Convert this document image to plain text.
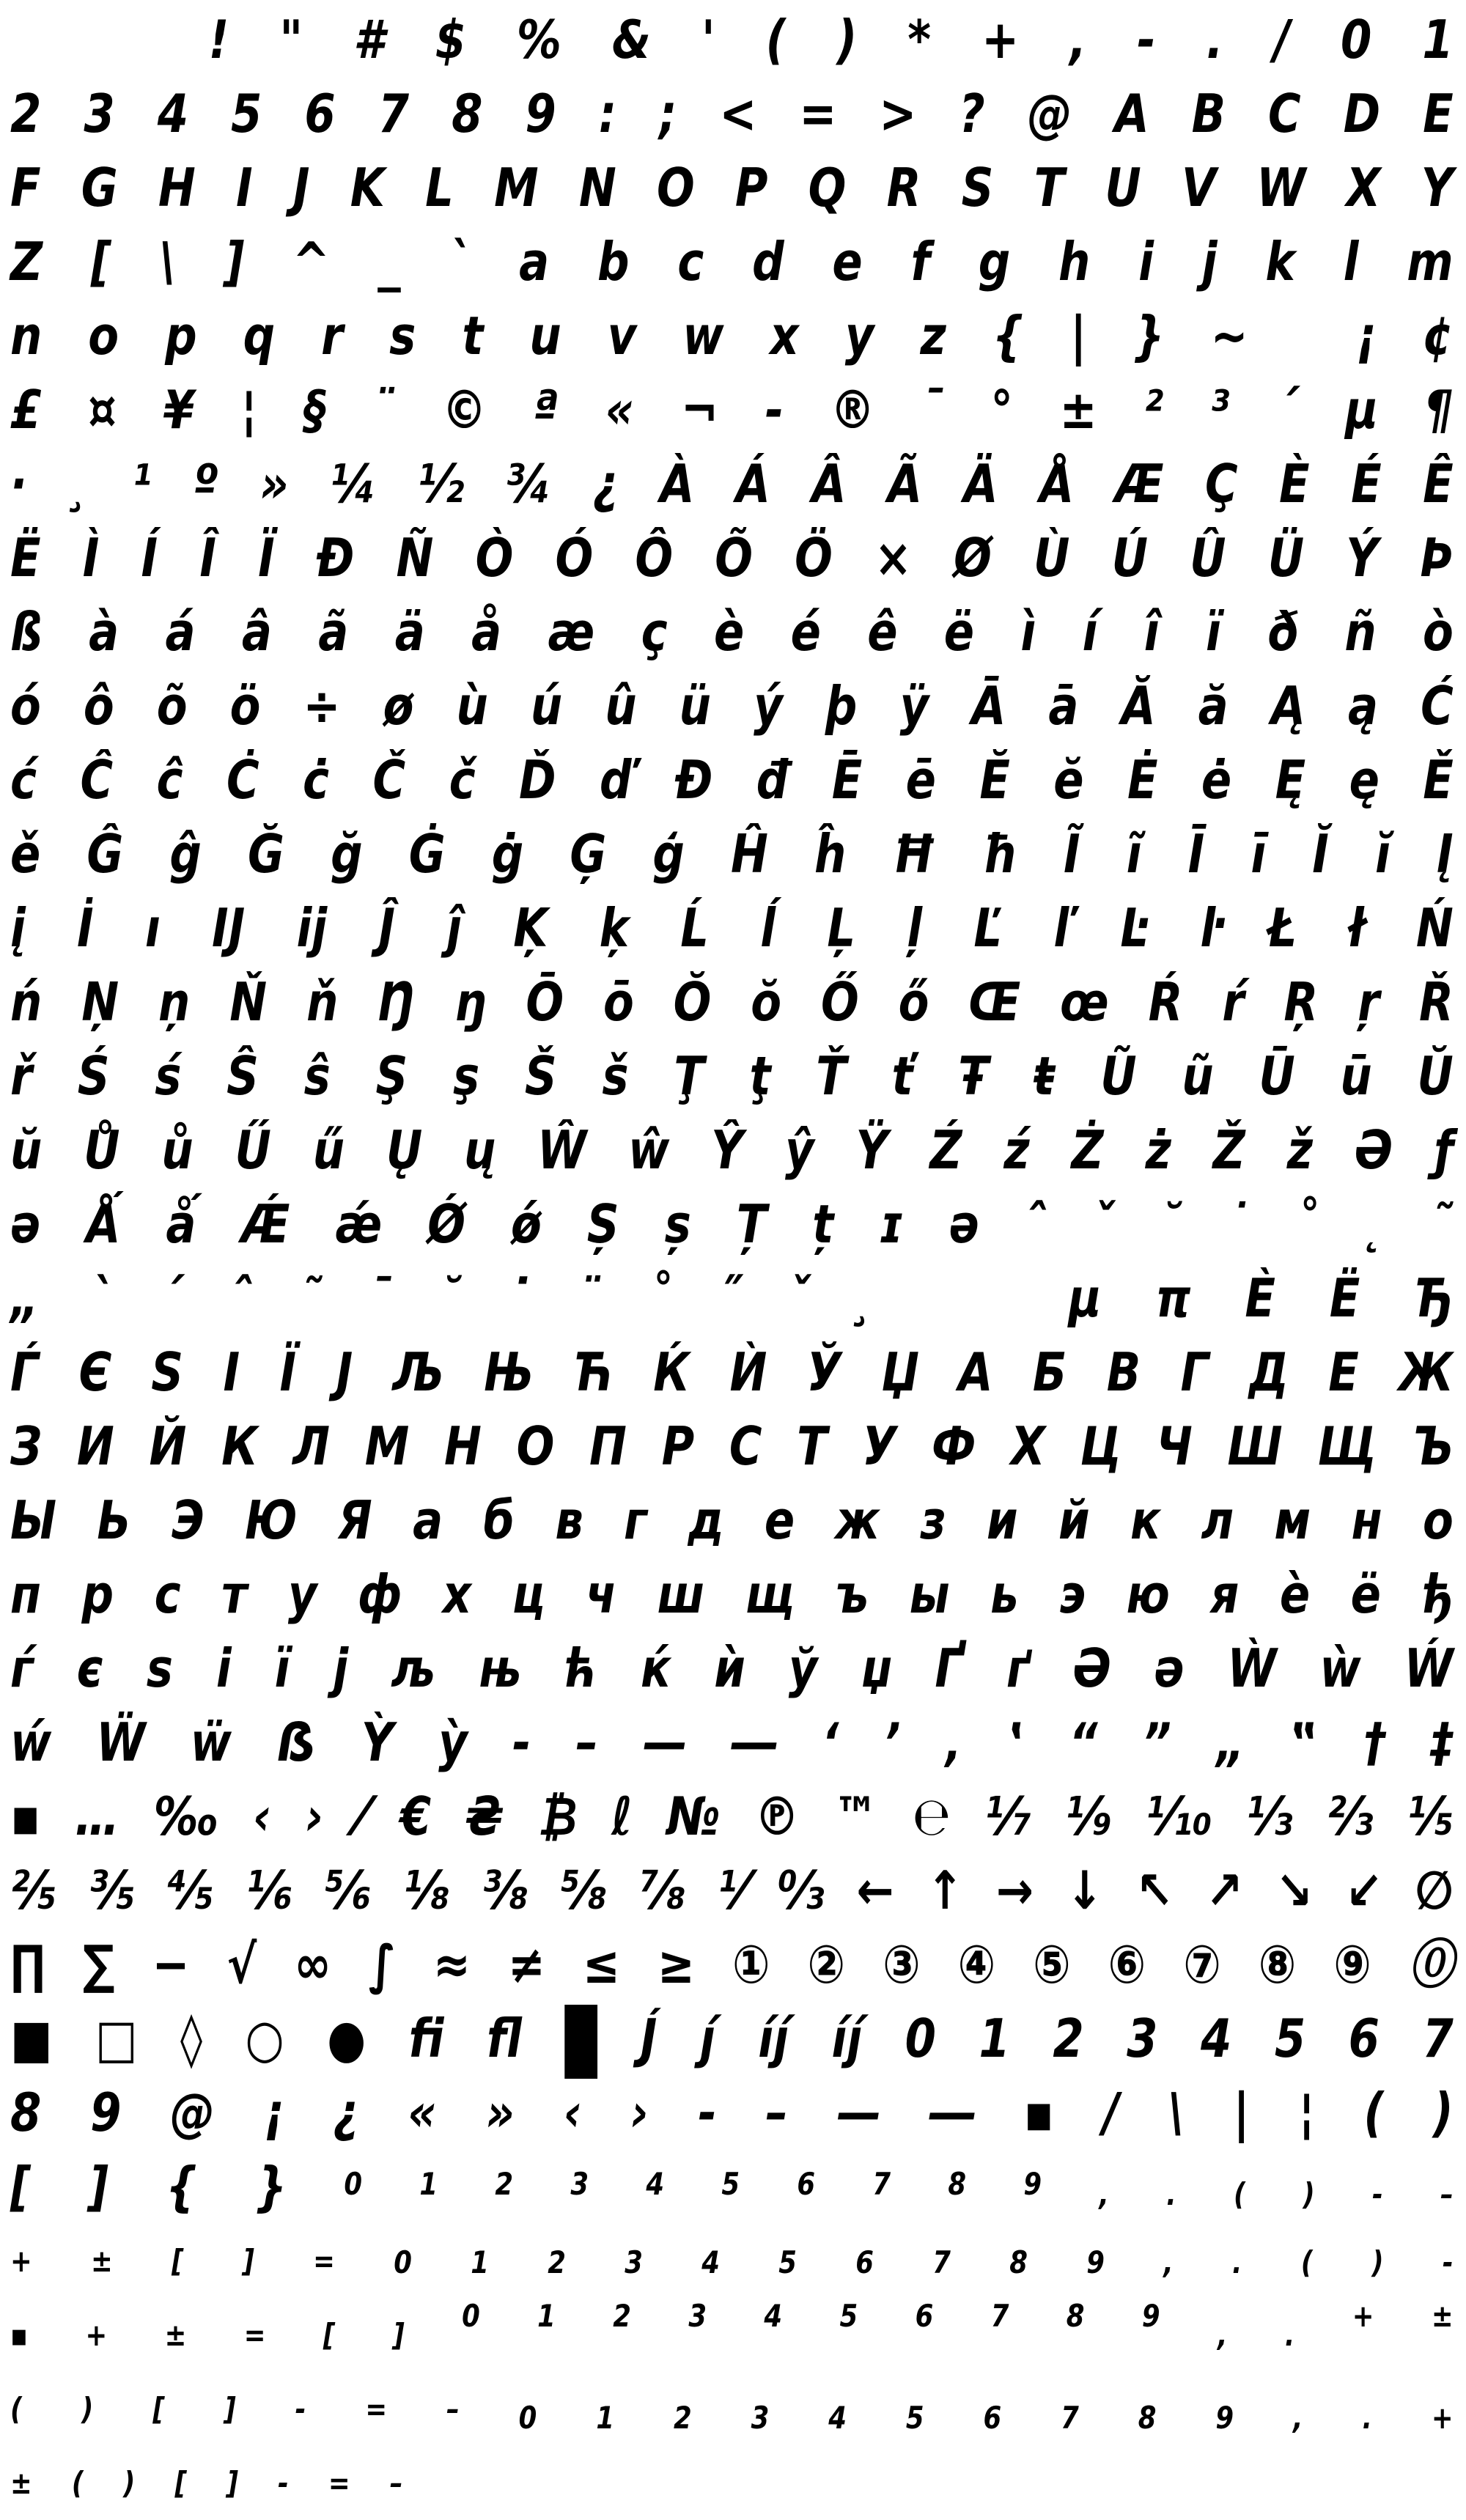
! " # $ % & ' ( ) * + , - . / 0 1
2 3 4 5 6 7 8 9 : ; < = > ? @ A B C D E
F G H I J K L M N O P Q R S T U V W X Y
Z [ \ ] ^ _ ` a b c d e f g h i j k l m
n o p q r s t u v w x y z { | } ~
¡ ¢
£ ¤ ¥ ¦ § ¨ © ª « ¬ - ® ¯ ° ± ² ³ ´ µ ¶
· ¸ ¹ º » ¼ ½ ¾ ¿ À Á Â Ã Ä Å Æ Ç È É Ê
Ë Ì Í Î Ï Ð Ñ Ò Ó Ô Õ Ö × Ø Ù Ú Û Ü Ý Þ
ß à á â ã ä å æ ç è é ê ë ì í î ï ð ñ ò
ó ô õ ö ÷ ø ù ú û ü ý þ ÿ Ā ā Ă ă Ą ą Ć
ć Ĉ ĉ Ċ ċ Č č Ď ď Đ đ Ē ē Ĕ ĕ Ė ė Ę ę Ě
ě Ĝ ĝ Ğ ğ Ġ ġ Ģ ģ Ĥ ĥ Ħ ħ Ĩ ĩ Ī ī Ĭ ĭ Į
į İ ı Ĳ ĳ Ĵ ĵ Ķ ķ Ĺ ĺ Ļ ļ Ľ ľ Ŀ ŀ Ł ł Ń
ń Ņ ņ Ň ň Ŋ ŋ Ō ō Ŏ ŏ Ő ő Œ œ Ŕ ŕ Ŗ ŗ Ř
ř Ś ś Ŝ ŝ Ş ş Š š Ţ ţ Ť ť Ŧ ŧ Ũ ũ Ū ū Ŭ
ŭ Ů ů Ű ű Ų ų Ŵ ŵ Ŷ ŷ Ÿ Ź ź Ż ż Ž ž Ə ƒ
ə Ǻ ǻ Ǽ ǽ Ǿ ǿ Ș ș Ț ț ɪ ə ˆ ˇ ˘ ˙ ˚ ˛ ˜
„ ̀ ́ ̂ ̃ ̄ ̆ ̇ ̈ ̊ ̋ ̌ ̧

	µ π Ѐ Ё Ђ
Ѓ Є Ѕ І Ї Ј Љ Њ Ћ Ќ Ѝ Ў Џ А Б В Г Д Е Ж
З И Й К Л М Н О П Р С Т У Ф Х Ц Ч Ш Щ Ъ
Ы Ь Э Ю Я а б в г д е ж з и й к л м н о
п р с т у ф х ц ч ш щ ъ ы ь э ю я ѐ ё ђ
ѓ є ѕ і ї ј љ њ ћ ќ ѝ ў џ Ґ ґ Ә ә Ẁ ẁ Ẃ
ẃ Ẅ ẅ ẞ Ỳ ỳ ‐ – — ― ‘ ’ ‚ ‛ “ ” „ ‟ † ‡
▪ … ‰ ‹ › ⁄ € ₴ ₿ ℓ № ℗ ™ ℮ ⅐ ⅑ ⅒ ⅓ ⅔ ⅕
⅖ ⅗ ⅘ ⅙ ⅚ ⅛ ⅜ ⅝ ⅞ ⅟ ↉ ← ↑ → ↓ ↖ ↗ ↘ ↙ ∅
∏ ∑ − √ ∞ ∫ ≈ ≠ ≤ ≥ ① ② ③ ④ ⑤ ⑥ ⑦ ⑧ ⑨ ⓪
■ □ ◊ ○ ● ﬁ ﬂ ? J́ j́ íj́ íj́ 0 1 2 3 4 5 6 7
8 9 @ ¡ ¿ « » ‹ › ‐ – — ― ▪ / \ | ¦ ( )
[ ] { } 0 1 2 3 4 5 6 7 8 9 , . ( ) - –
+ ± [ ] = 0 1 2 3 4 5 6 7 8 9 , . ( ) -
▪ + ± = [ ]
0 1 2 3 4 5 6 7 8 9
, .
+ ±
( ) [ ] - = – 0 1 2 3 4 5 6 7 8 9 , . +
± ( ) [ ] - = –
